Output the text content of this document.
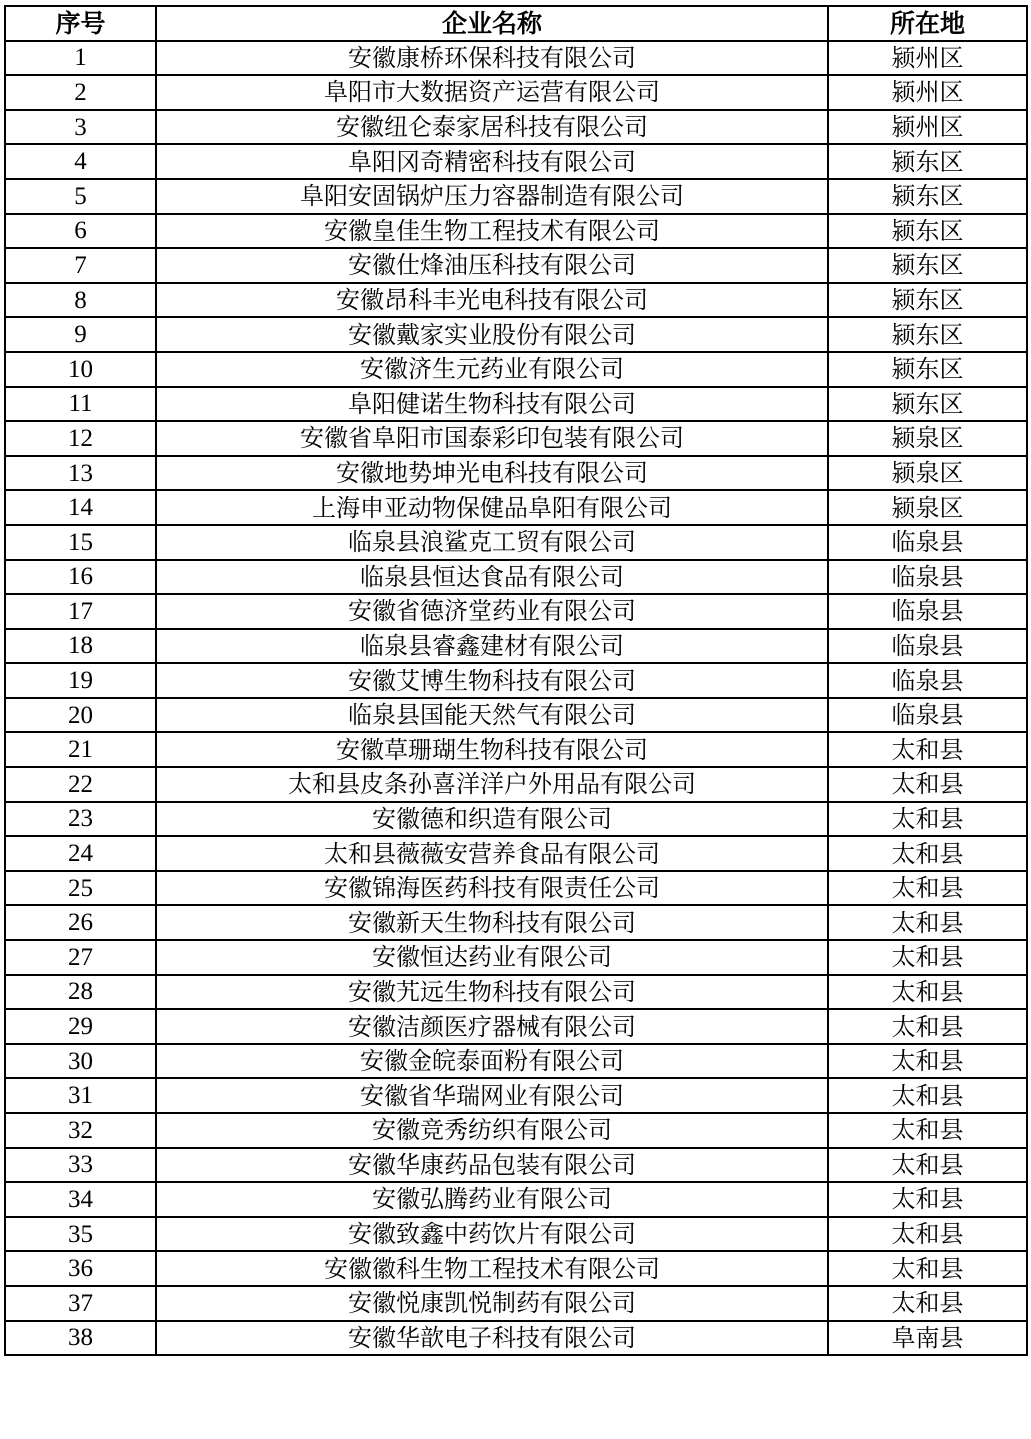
序号	企业名称	所在地
1	安徽康桥环保科技有限公司	颍州区
2	阜阳市大数据资产运营有限公司	颍州区
3	安徽纽仑泰家居科技有限公司	颍州区
4	阜阳冈奇精密科技有限公司	颍东区
5	阜阳安固锅炉压力容器制造有限公司	颍东区
6	安徽皇佳生物工程技术有限公司	颍东区
7	安徽仕烽油压科技有限公司	颍东区
8	安徽昂科丰光电科技有限公司	颍东区
9	安徽戴家实业股份有限公司	颍东区
10	安徽济生元药业有限公司	颍东区
11	阜阳健诺生物科技有限公司	颍东区
12	安徽省阜阳市国泰彩印包装有限公司	颍泉区
13	安徽地势坤光电科技有限公司	颍泉区
14	上海申亚动物保健品阜阳有限公司	颍泉区
15	临泉县浪鲨克工贸有限公司	临泉县
16	临泉县恒达食品有限公司	临泉县
17	安徽省德济堂药业有限公司	临泉县
18	临泉县睿鑫建材有限公司	临泉县
19	安徽艾博生物科技有限公司	临泉县
20	临泉县国能天然气有限公司	临泉县
21	安徽草珊瑚生物科技有限公司	太和县
22	太和县皮条孙喜洋洋户外用品有限公司	太和县
23	安徽德和织造有限公司	太和县
24	太和县薇薇安营养食品有限公司	太和县
25	安徽锦海医药科技有限责任公司	太和县
26	安徽新天生物科技有限公司	太和县
27	安徽恒达药业有限公司	太和县
28	安徽艽远生物科技有限公司	太和县
29	安徽洁颜医疗器械有限公司	太和县
30	安徽金皖泰面粉有限公司	太和县
31	安徽省华瑞网业有限公司	太和县
32	安徽竞秀纺织有限公司	太和县
33	安徽华康药品包装有限公司	太和县
34	安徽弘腾药业有限公司	太和县
35	安徽致鑫中药饮片有限公司	太和县
36	安徽徽科生物工程技术有限公司	太和县
37	安徽悦康凯悦制药有限公司	太和县
38	安徽华歆电子科技有限公司	阜南县
